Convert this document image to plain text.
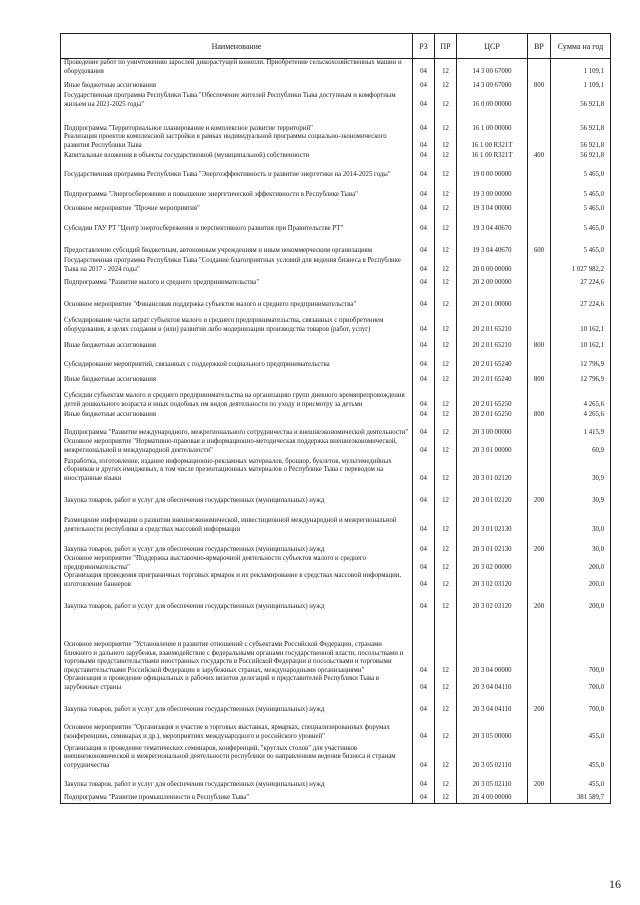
Наименование	РЗ	ПР	ЦСР	ВР	Сумма на год
Проведение работ по уничтожению зарослей дикорастущей конопли. Приобретение сельскохозяйственных машин и оборудования	04	12	14 3 00 67000		1 109,1
Иные бюджетные ассигнования	04	12	14 3 00 67000	800	1 109,1
Государственная программа Республики Тыва "Обеспечение жителей Республики Тыва доступным и комфортным жильем на 2021-2025 годы"	04	12	16 0 00 00000		56 921,8
Подпрограмма "Территориальное планирование и комплексное развитие территорий"	04	12	16 1 00 00000		56 921,8
Реализация проектов комплексной застройки в рамках индивидуальной программы социально-экономического развития Республики Тыва	04	12	16 1 00 R321T		56 921,8
Капитальные вложения в объекты государственной (муниципальной) собственности	04	12	16 1 00 R321T	400	56 921,8
Государственная программа Республики Тыва "Энергоэффективность и развитие энергетики на 2014-2025 годы"	04	12	19 0 00 00000		5 465,0
Подпрограмма "Энергосбережение и повышение энергетической эффективности в Республике Тыва"	04	12	19 3 00 00000		5 465,0
Основное мероприятие "Прочие мероприятия"	04	12	19 3 04 00000		5 465,0
Субсидии ГАУ РТ "Центр энергосбережения и перспективного развития при Правительстве РТ"	04	12	19 3 04 40670		5 465,0
Предоставление субсидий бюджетным, автономным учреждениям и иным некоммерческим организациям	04	12	19 3 04 40670	600	5 465,0
Государственная программа Республики Тыва "Создание благоприятных условий для ведения бизнеса в Республике Тыва на 2017 - 2024 годы"	04	12	20 0 00 00000		1 027 982,2
Подпрограмма "Развитие малого и среднего предпринимательства"	04	12	20 2 00 00000		27 224,6
Основное мероприятие "Финансовая поддержка субъектов малого и среднего предпринимательства"	04	12	20 2 01 00000		27 224,6
Субсидирование части затрат субъектов малого и среднего предпринимательства, связанных с приобретением оборудования, в целях создания и (или) развития либо модернизации производства товаров (работ, услуг)	04	12	20 2 01 65210		10 162,1
Иные бюджетные ассигнования	04	12	20 2 01 65210	800	10 162,1
Субсидирование мероприятий, связанных с поддержкой социального предпринимательства	04	12	20 2 01 65240		12 796,9
Иные бюджетные ассигнования	04	12	20 2 01 65240	800	12 796,9
Субсидии субъектам малого и среднего предпринимательства на организацию групп дневного времяпрепровождения детей дошкольного возраста и иных подобных им видов деятельности по уходу и присмотру за детьми	04	12	20 2 01 65250		4 265,6
Иные бюджетные ассигнования	04	12	20 2 01 65250	800	4 265,6
Подпрограмма "Развитие международного, межрегионального сотрудничества и внешнеэкономической деятельности"	04	12	20 3 00 00000		1 415,9
Основное мероприятие "Нормативно-правовая и информационно-методическая поддержка внешнеэкономической, межрегиональной и международной деятельности"	04	12	20 3 01 00000		60,9
Разработка, изготовление, издание информационно-рекламных материалов, брошюр, буклетов, мультимедийных сборников и других имиджевых, в том числе презентационных материалов о Республике Тыва с переводом на иностранные языки	04	12	20 3 01 02120		30,9
Закупка товаров, работ и услуг для обеспечения государственных (муниципальных) нужд	04	12	20 3 01 02120	200	30,9
Размещение информации о развитии внешнеэкономической, инвестиционной международной и межрегиональной деятельности республики в средствах массовой информации	04	12	20 3 01 02130		30,0
Закупка товаров, работ и услуг для обеспечения государственных (муниципальных) нужд	04	12	20 3 01 02130	200	30,0
Основное мероприятие "Поддержка выставочно-ярмарочной деятельности субъектов малого и среднего предпринимательства"	04	12	20 3 02 00000		200,0
Организация проведения приграничных торговых ярмарок и их рекламирование в средствах массовой информации, изготовление баннеров	04	12	20 3 02 03120		200,0
Закупка товаров, работ и услуг для обеспечения государственных (муниципальных) нужд	04	12	20 3 02 03120	200	200,0
Основное мероприятие "Установление и развитие отношений с субъектами Российской Федерации, странами ближнего и дальнего зарубежья, взаимодействие с федеральными органами государственной власти, посольствами и торговыми представительствами иностранных государств в Российской Федерации и посольствами и торговыми представительствами Российской Федерации в зарубежных странах, международными организациями"	04	12	20 3 04 00000		700,0
Организация и проведение официальных и рабочих визитов делегаций и представителей Республики Тыва в зарубежные страны	04	12	20 3 04 04110		700,0
Закупка товаров, работ и услуг для обеспечения государственных (муниципальных) нужд	04	12	20 3 04 04110	200	700,0
Основное мероприятие "Организация и участие в торговых выставках, ярмарках, специализированных форумах (конференциях, семинарах и др.), мероприятиях международного и российского уровней"	04	12	20 3 05 00000		455,0
Организация и проведение тематических семинаров, конференций, "круглых столов" для участников внешнеэкономической и межрегиональной деятельности республики по направлениям ведения бизнеса и странам сотрудничества	04	12	20 3 05 02110		455,0
Закупка товаров, работ и услуг для обеспечения государственных (муниципальных) нужд	04	12	20 3 05 02110	200	455,0
Подпрограмма "Развитие промышленности в Республике Тыва"	04	12	20 4 00 00000		381 589,7
16
